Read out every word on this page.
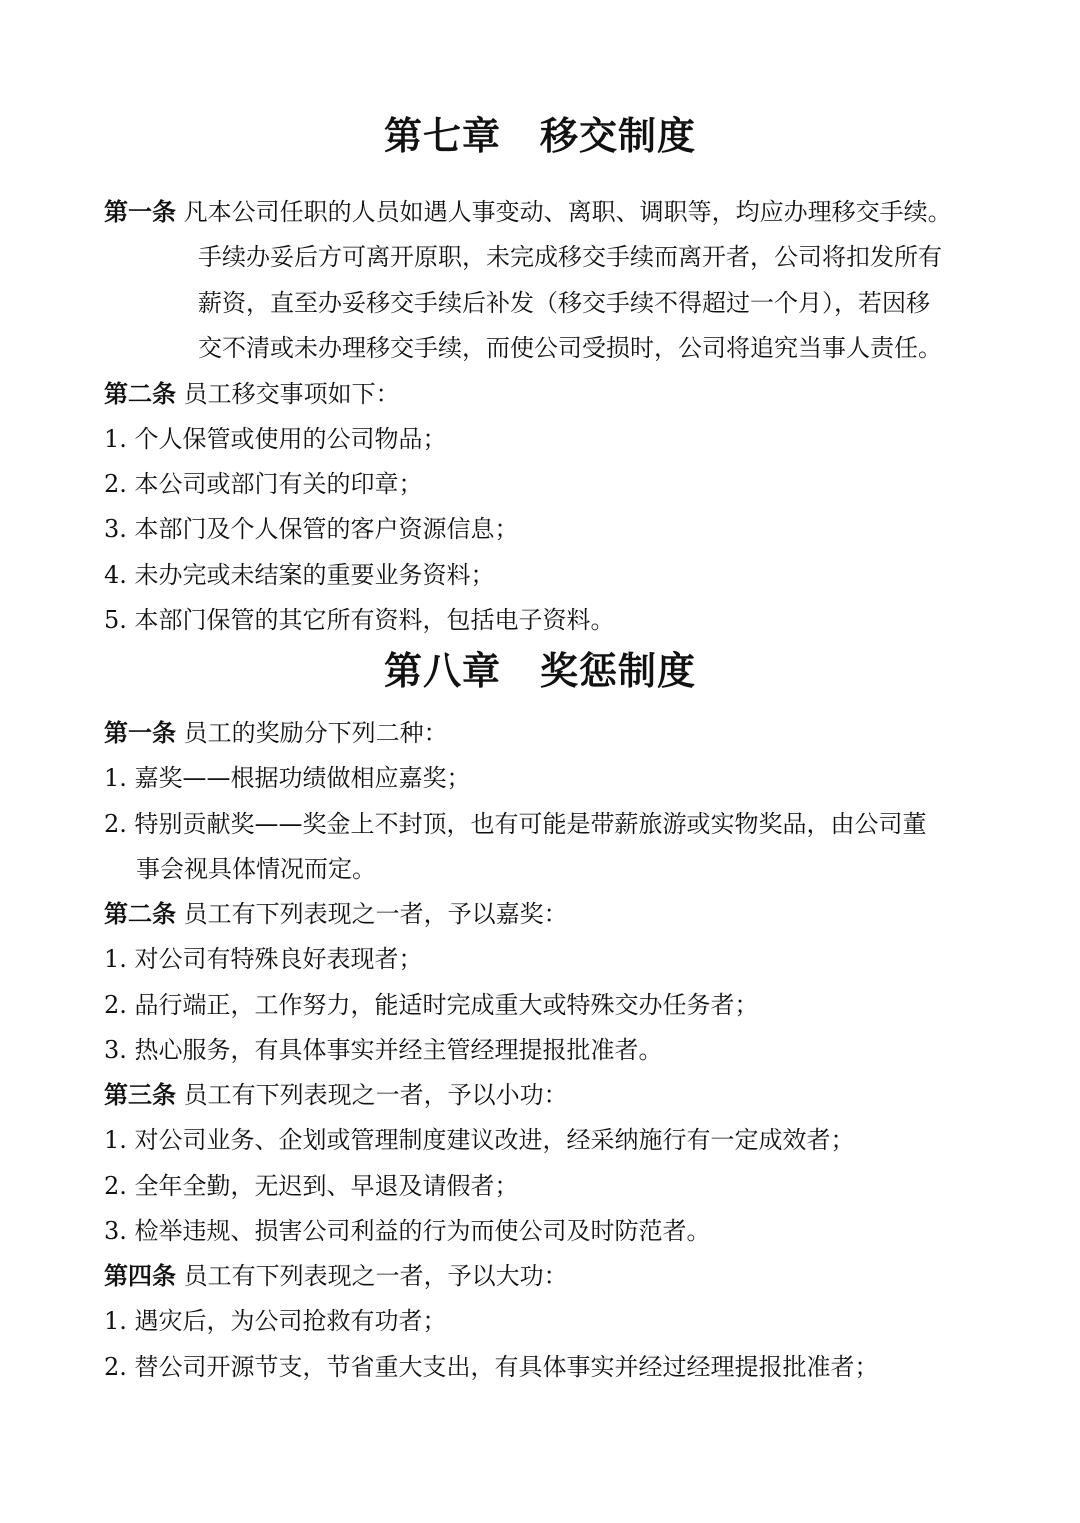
第七章　移交制度
第一条 凡本公司任职的人员如遇人事变动、离职、调职等，均应办理移交手续。
手续办妥后方可离开原职，未完成移交手续而离开者，公司将扣发所有
薪资，直至办妥移交手续后补发（移交手续不得超过一个月），若因移
交不清或未办理移交手续，而使公司受损时，公司将追究当事人责任。
第二条 员工移交事项如下：
1. 个人保管或使用的公司物品；
2. 本公司或部门有关的印章；
3. 本部门及个人保管的客户资源信息；
4. 未办完或未结案的重要业务资料；
5. 本部门保管的其它所有资料，包括电子资料。
第八章　奖惩制度
第一条 员工的奖励分下列二种：
1. 嘉奖——根据功绩做相应嘉奖；
2. 特别贡献奖——奖金上不封顶，也有可能是带薪旅游或实物奖品，由公司董
事会视具体情况而定。
第二条 员工有下列表现之一者，予以嘉奖：
1. 对公司有特殊良好表现者；
2. 品行端正，工作努力，能适时完成重大或特殊交办任务者；
3. 热心服务，有具体事实并经主管经理提报批准者。
第三条 员工有下列表现之一者，予以小功：
1. 对公司业务、企划或管理制度建议改进，经采纳施行有一定成效者；
2. 全年全勤，无迟到、早退及请假者；
3. 检举违规、损害公司利益的行为而使公司及时防范者。
第四条 员工有下列表现之一者，予以大功：
1. 遇灾后，为公司抢救有功者；
2. 替公司开源节支，节省重大支出，有具体事实并经过经理提报批准者；
